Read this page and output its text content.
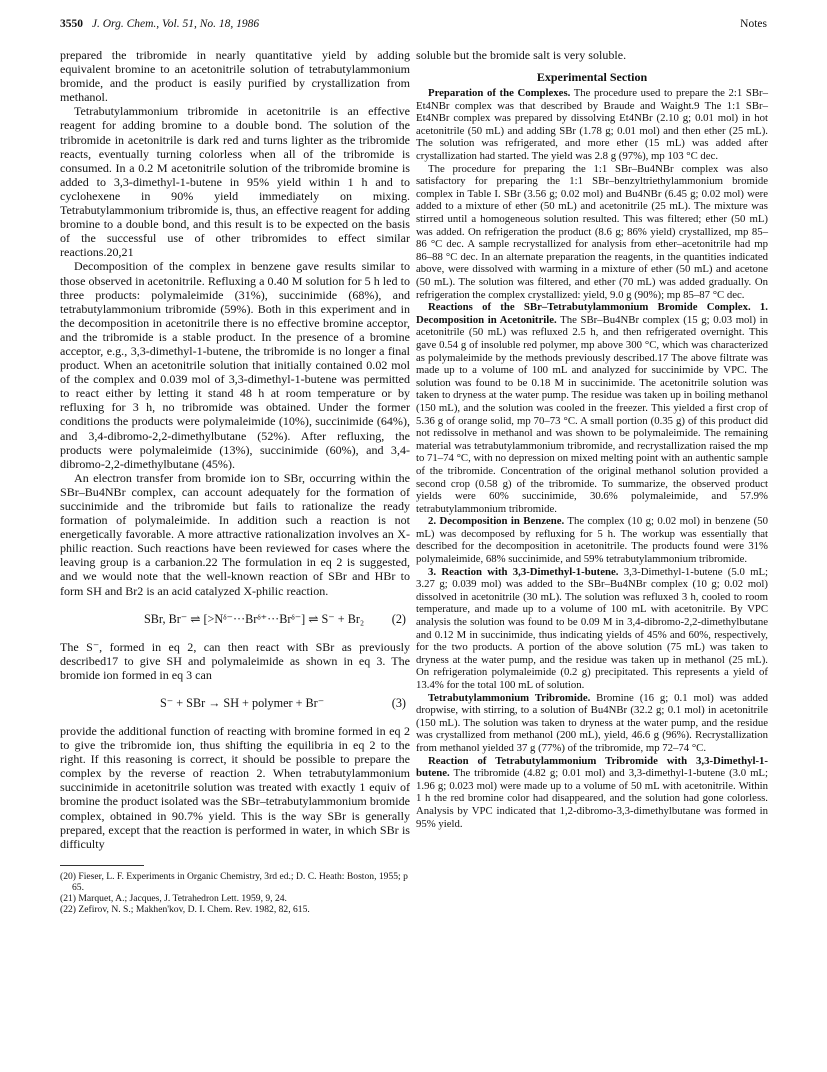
3550 J. Org. Chem., Vol. 51, No. 18, 1986	Notes

prepared the tribromide in nearly quantitative yield by adding equivalent bromine to an acetonitrile solution of tetrabutylammonium bromide, and the product is easily purified by crystallization from methanol.

Tetrabutylammonium tribromide in acetonitrile is an effective reagent for adding bromine to a double bond. The solution of the tribromide in acetonitrile is dark red and turns lighter as the tribromide reacts, eventually turning colorless when all of the tribromide is consumed. In a 0.2 M acetonitrile solution of the tribromide bromine is added to 3,3-dimethyl-1-butene in 95% yield within 1 h and to cyclohexene in 90% yield immediately on mixing. Tetrabutylammonium tribromide is, thus, an effective reagent for adding bromine to a double bond, and this result is to be expected on the basis of the successful use of other tribromides to effect similar reactions.20,21

Decomposition of the complex in benzene gave results similar to those observed in acetonitrile. Refluxing a 0.40 M solution for 5 h led to three products: polymaleimide (31%), succinimide (68%), and tetrabutylammonium tribromide (59%). Both in this experiment and in the decomposition in acetonitrile there is no effective bromine acceptor, and the tribromide is a stable product. In the presence of a bromine acceptor, e.g., 3,3-dimethyl-1-butene, the tribromide is no longer a final product. When an acetonitrile solution that initially contained 0.02 mol of the complex and 0.039 mol of 3,3-dimethyl-1-butene was permitted to react either by letting it stand 48 h at room temperature or by refluxing for 3 h, no tribromide was obtained. Under the former conditions the products were polymaleimide (10%), succinimide (64%), and 3,4-dibromo-2,2-dimethylbutane (52%). After refluxing, the products were polymaleimide (13%), succinimide (60%), and 3,4-dibromo-2,2-dimethylbutane (45%).

An electron transfer from bromide ion to SBr, occurring within the SBr–Bu4NBr complex, can account adequately for the formation of succinimide and the tribromide but fails to rationalize the ready formation of polymaleimide. In addition such a reaction is not energetically favorable. A more attractive rationalization involves an X-philic reaction. Such reactions have been reviewed for cases where the leaving group is a carbanion.22 The formulation in eq 2 is suggested, and we would note that the well-known reaction of SBr and HBr to form SH and Br2 is an acid catalyzed X-philic reaction.

SBr, Br⁻ ⇌ [>Nᵟ⁻···Brᵟ⁺···Brᵟ⁻] ⇌ S⁻ + Br₂ (2)

The S⁻, formed in eq 2, can then react with SBr as previously described17 to give SH and polymaleimide as shown in eq 3. The bromide ion formed in eq 3 can

S⁻ + SBr → SH + polymer + Br⁻	(3)

provide the additional function of reacting with bromine formed in eq 2 to give the tribromide ion, thus shifting the equilibria in eq 2 to the right. If this reasoning is correct, it should be possible to prepare the complex by the reverse of reaction 2. When tetrabutylammonium succinimide in acetonitrile solution was treated with exactly 1 equiv of bromine the product isolated was the SBr–tetrabutylammonium bromide complex, obtained in 90.7% yield. This is the way SBr is generally prepared, except that the reaction is performed in water, in which SBr is difficulty

(20) Fieser, L. F. Experiments in Organic Chemistry, 3rd ed.; D. C. Heath: Boston, 1955; p 65.

(21) Marquet, A.; Jacques, J. Tetrahedron Lett. 1959, 9, 24.

(22) Zefirov, N. S.; Makhen'kov, D. I. Chem. Rev. 1982, 82, 615.

soluble but the bromide salt is very soluble.

Experimental Section

Preparation of the Complexes. The procedure used to prepare the 2:1 SBr–Et4NBr complex was that described by Braude and Waight.9 The 1:1 SBr–Et4NBr complex was prepared by dissolving Et4NBr (2.10 g; 0.01 mol) in hot acetonitrile (50 mL) and adding SBr (1.78 g; 0.01 mol) and then ether (25 mL). The solution was refrigerated, and more ether (15 mL) was added after crystallization had started. The yield was 2.8 g (97%), mp 103 °C dec.

The procedure for preparing the 1:1 SBr–Bu4NBr complex was also satisfactory for preparing the 1:1 SBr–benzyltriethylammonium bromide complex in Table I. SBr (3.56 g; 0.02 mol) and Bu4NBr (6.45 g; 0.02 mol) were added to a mixture of ether (50 mL) and acetonitrile (25 mL). The mixture was stirred until a homogeneous solution resulted. This was filtered; ether (50 mL) was added. On refrigeration the product (8.6 g; 86% yield) crystallized, mp 85–86 °C dec. A sample recrystallized for analysis from ether–acetonitrile had mp 86–88 °C dec. In an alternate preparation the reagents, in the quantities indicated above, were dissolved with warming in a mixture of ether (50 mL) and acetone (50 mL). The solution was filtered, and ether (70 mL) was added gradually. On refrigeration the complex crystallized: yield, 9.0 g (90%); mp 85–87 °C dec.

Reactions of the SBr–Tetrabutylammonium Bromide Complex. 1. Decomposition in Acetonitrile. The SBr–Bu4NBr complex (15 g; 0.03 mol) in acetonitrile (50 mL) was refluxed 2.5 h, and then refrigerated overnight. This gave 0.54 g of insoluble red polymer, mp above 300 °C, which was characterized as polymaleimide by the methods previously described.17 The above filtrate was made up to a volume of 100 mL and analyzed for succinimide by VPC. The solution was found to be 0.18 M in succinimide. The acetonitrile solution was taken to dryness at the water pump. The residue was taken up in boiling methanol (150 mL), and the solution was cooled in the freezer. This yielded a first crop of 5.36 g of orange solid, mp 70–73 °C. A small portion (0.35 g) of this product did not redissolve in methanol and was shown to be polymaleimide. The remaining material was tetrabutylammonium tribromide, and recrystallization raised the mp to 71–74 °C, with no depression on mixed melting point with an authentic sample of the tribromide. Concentration of the original methanol solution provided a second crop (0.58 g) of the tribromide. To summarize, the observed product yields were 60% succinimide, 30.6% polymaleimide, and 57.9% tetrabutylammonium tribromide.

2. Decomposition in Benzene. The complex (10 g; 0.02 mol) in benzene (50 mL) was decomposed by refluxing for 5 h. The workup was essentially that described for the decomposition in acetonitrile. The products found were 31% polymaleimide, 68% succinimide, and 59% tetrabutylammonium tribromide.

3. Reaction with 3,3-Dimethyl-1-butene. 3,3-Dimethyl-1-butene (5.0 mL; 3.27 g; 0.039 mol) was added to the SBr–Bu4NBr complex (10 g; 0.02 mol) dissolved in acetonitrile (30 mL). The solution was refluxed 3 h, cooled to room temperature, and made up to a volume of 100 mL with acetonitrile. By VPC analysis the solution was found to be 0.09 M in 3,4-dibromo-2,2-dimethylbutane and 0.12 M in succinimide, thus indicating yields of 45% and 60%, respectively, for the two products. A portion of the above solution (75 mL) was taken to dryness at the water pump, and the residue was taken up in methanol (25 mL). On refrigeration polymaleimide (0.2 g) precipitated. This represents a yield of 13.4% for the total 100 mL of solution.

Tetrabutylammonium Tribromide. Bromine (16 g; 0.1 mol) was added dropwise, with stirring, to a solution of Bu4NBr (32.2 g; 0.1 mol) in acetonitrile (150 mL). The solution was taken to dryness at the water pump, and the residue was crystallized from methanol (200 mL), yield, 46.6 g (96%). Recrystallization from methanol yielded 37 g (77%) of the tribromide, mp 72–74 °C.

Reaction of Tetrabutylammonium Tribromide with 3,3-Dimethyl-1-butene. The tribromide (4.82 g; 0.01 mol) and 3,3-dimethyl-1-butene (3.0 mL; 1.96 g; 0.023 mol) were made up to a volume of 50 mL with acetonitrile. Within 1 h the red bromine color had disappeared, and the solution had gone colorless. Analysis by VPC indicated that 1,2-dibromo-3,3-dimethylbutane was formed in 95% yield.
